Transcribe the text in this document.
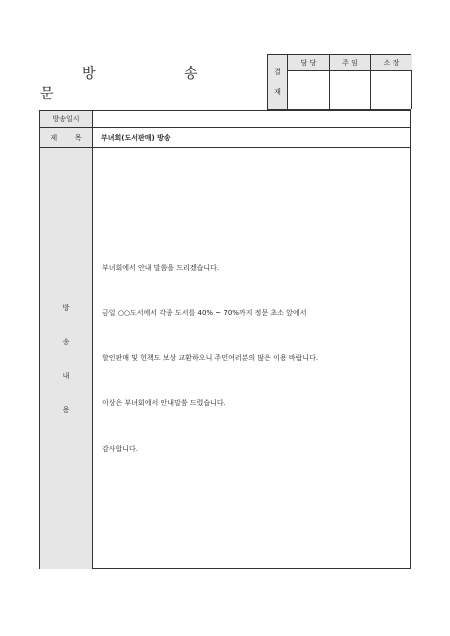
방 송 문
결
재
담 당	주 임	소 장
방송일시
제        목	부녀회(도서판매) 방송
방
송
내
용
부녀회에서 안내 말씀을 드리겠습니다.
금일 ○○도서에서 각종 도서를 40% ~ 70%까지 정문 초소 앞에서
할인판매 및 헌책도 보상 교환하오니 주민여러분의 많은 이용 바랍니다.
이상은 부녀회에서 안내말씀 드렸습니다.
감사합니다.
